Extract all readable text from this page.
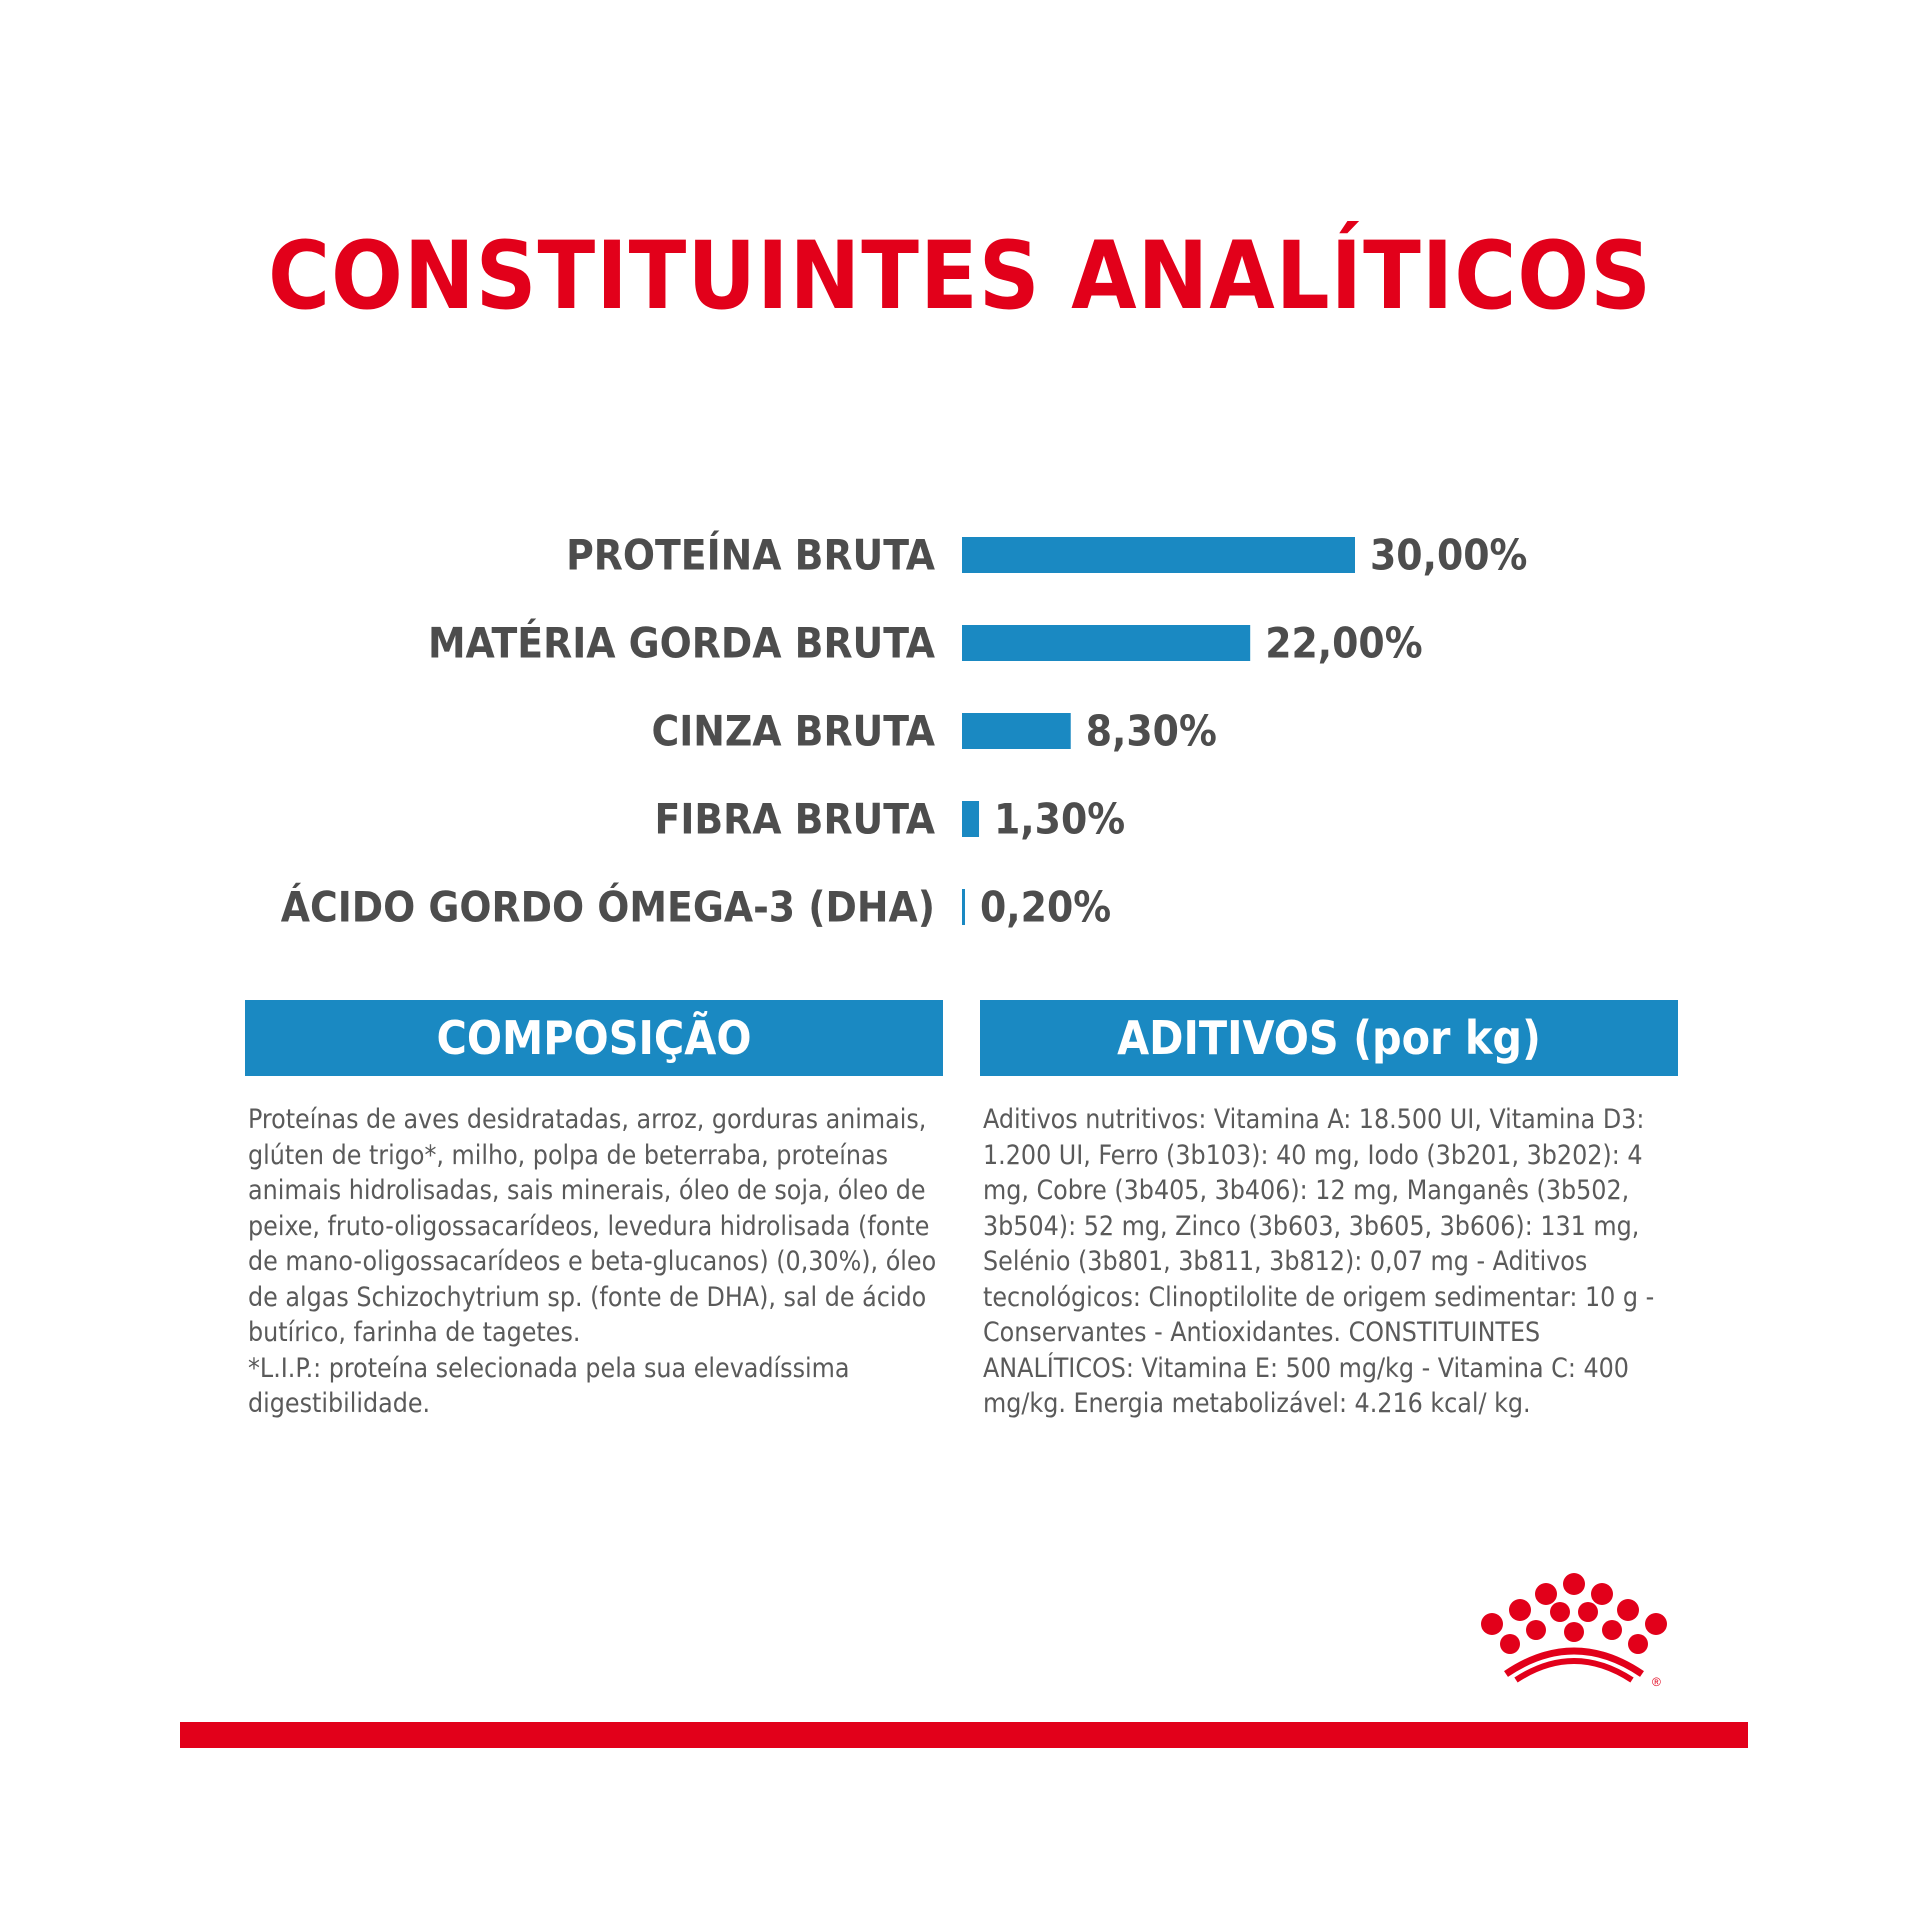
CONSTITUINTES ANALÍTICOS
PROTEÍNA BRUTA	30,00%
MATÉRIA GORDA BRUTA	22,00%
CINZA BRUTA	8,30%
FIBRA BRUTA 1,30%
ÁCIDO GORDO ÓMEGA-3 (DHA) 0,20%
COMPOSIÇÃO

Proteínas de aves desidratadas, arroz, gorduras animais, glúten de trigo*, milho, polpa de beterraba, proteínas animais hidrolisadas, sais minerais, óleo de soja, óleo de peixe, fruto-oligossacarídeos, levedura hidrolisada (fonte de mano-oligossacarídeos e beta-glucanos) (0,30%), óleo de algas Schizochytrium sp. (fonte de DHA), sal de ácido butírico, farinha de tagetes.

*L.I.P.: proteína selecionada pela sua elevadíssima digestibilidade.

ADITIVOS (por kg)

Aditivos nutritivos: Vitamina A: 18.500 UI, Vitamina D3: 1.200 UI, Ferro (3b103): 40 mg, Iodo (3b201, 3b202): 4 mg, Cobre (3b405, 3b406): 12 mg, Manganês (3b502, 3b504): 52 mg, Zinco (3b603, 3b605, 3b606): 131 mg, Selénio (3b801, 3b811, 3b812): 0,07 mg - Aditivos tecnológicos: Clinoptilolite de origem sedimentar: 10 g - Conservantes - Antioxidantes. CONSTITUINTES ANALÍTICOS: Vitamina E: 500 mg/kg - Vitamina C: 400 mg/kg. Energia metabolizável: 4.216 kcal/ kg.

®
